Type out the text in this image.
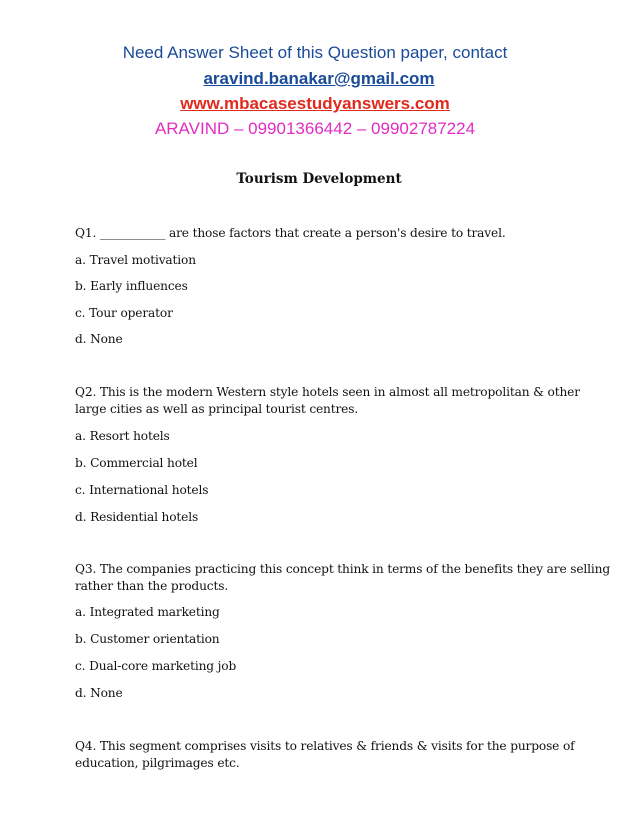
Need Answer Sheet of this Question paper, contact
aravind.banakar@gmail.com
www.mbacasestudyanswers.com
ARAVIND – 09901366442 – 09902787224
Tourism Development
Q1. ___________ are those factors that create a person's desire to travel.
a. Travel motivation
b. Early influences
c. Tour operator
d. None
Q2. This is the modern Western style hotels seen in almost all metropolitan & other
large cities as well as principal tourist centres.
a. Resort hotels
b. Commercial hotel
c. International hotels
d. Residential hotels
Q3. The companies practicing this concept think in terms of the benefits they are selling
rather than the products.
a. Integrated marketing
b. Customer orientation
c. Dual-core marketing job
d. None
Q4. This segment comprises visits to relatives & friends & visits for the purpose of
education, pilgrimages etc.
